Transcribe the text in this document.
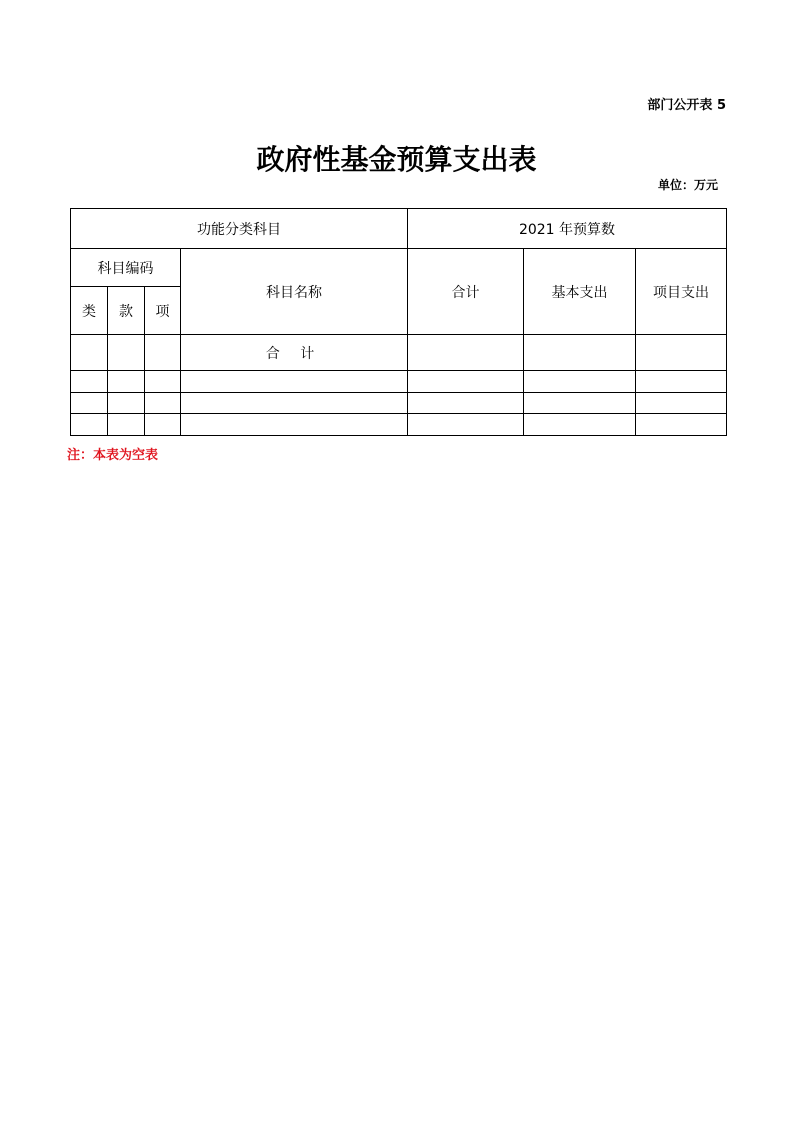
部门公开表 5
政府性基金预算支出表
单位：万元
功能分类科目				2021 年预算数		
科目编码			科目名称	合计	基本支出	项目支出
类	款	项				
			合 计			

注：本表为空表
